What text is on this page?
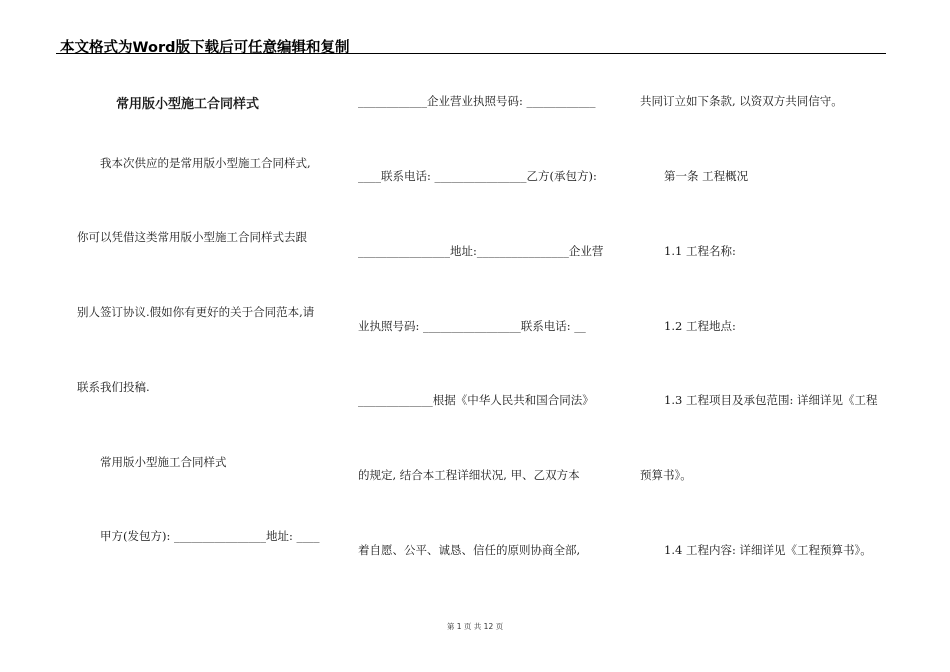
本文格式为Word版下载后可任意编辑和复制
常用版小型施工合同样式
我本次供应的是常用版小型施工合同样式,
你可以凭借这类常用版小型施工合同样式去跟
别人签订协议.假如你有更好的关于合同范本,请
联系我们投稿.
常用版小型施工合同样式
甲方(发包方): ________________地址: ____
____________企业营业执照号码: ____________
____联系电话: ________________乙方(承包方):
________________地址:________________企业营
业执照号码: _________________联系电话: __
_____________根据《中华人民共和国合同法》
的规定, 结合本工程详细状况, 甲、乙双方本
着自愿、公平、诚恳、信任的原则协商全部,
共同订立如下条款, 以资双方共同信守。
第一条 工程概况
1.1 工程名称:
1.2 工程地点:
1.3 工程项目及承包范围: 详细详见《工程
预算书》。
1.4 工程内容: 详细详见《工程预算书》。
第 1 页 共 12 页
